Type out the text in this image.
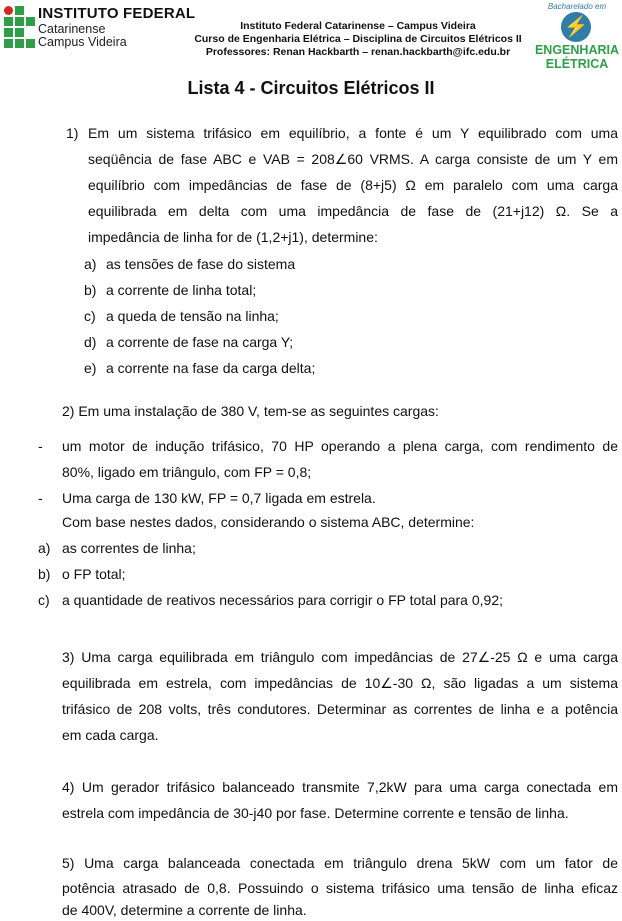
INSTITUTO FEDERAL
Catarinense
Campus Videira
Instituto Federal Catarinense – Campus Videira
Curso de Engenharia Elétrica – Disciplina de Circuitos Elétricos II
Professores: Renan Hackbarth – renan.hackbarth@ifc.edu.br
Bacharelado em
⚡
ENGENHARIA
ELÉTRICA
Lista 4 - Circuitos Elétricos II
1) Em um sistema trifásico em equilíbrio, a fonte é um Y equilibrado com uma
seqüência de fase ABC e VAB = 208∠60 VRMS. A carga consiste de um Y em
equilíbrio com impedâncias de fase de (8+j5) Ω em paralelo com uma carga
equilibrada em delta com uma impedância de fase de (21+j12) Ω. Se a
impedância de linha for de (1,2+j1), determine:
a) as tensões de fase do sistema
b) a corrente de linha total;
c) a queda de tensão na linha;
d) a corrente de fase na carga Y;
e) a corrente na fase da carga delta;
2) Em uma instalação de 380 V, tem-se as seguintes cargas:
- um motor de indução trifásico, 70 HP operando a plena carga, com rendimento de
80%, ligado em triângulo, com FP = 0,8;
- Uma carga de 130 kW, FP = 0,7 ligada em estrela.
Com base nestes dados, considerando o sistema ABC, determine:
a) as correntes de linha;
b) o FP total;
c) a quantidade de reativos necessários para corrigir o FP total para 0,92;
3) Uma carga equilibrada em triângulo com impedâncias de 27∠-25 Ω e uma carga
equilibrada em estrela, com impedâncias de 10∠-30 Ω, são ligadas a um sistema
trifásico de 208 volts, três condutores. Determinar as correntes de linha e a potência
em cada carga.
4) Um gerador trifásico balanceado transmite 7,2kW para uma carga conectada em
estrela com impedância de 30-j40 por fase. Determine corrente e tensão de linha.
5) Uma carga balanceada conectada em triângulo drena 5kW com um fator de
potência atrasado de 0,8. Possuindo o sistema trifásico uma tensão de linha eficaz
de 400V, determine a corrente de linha.
